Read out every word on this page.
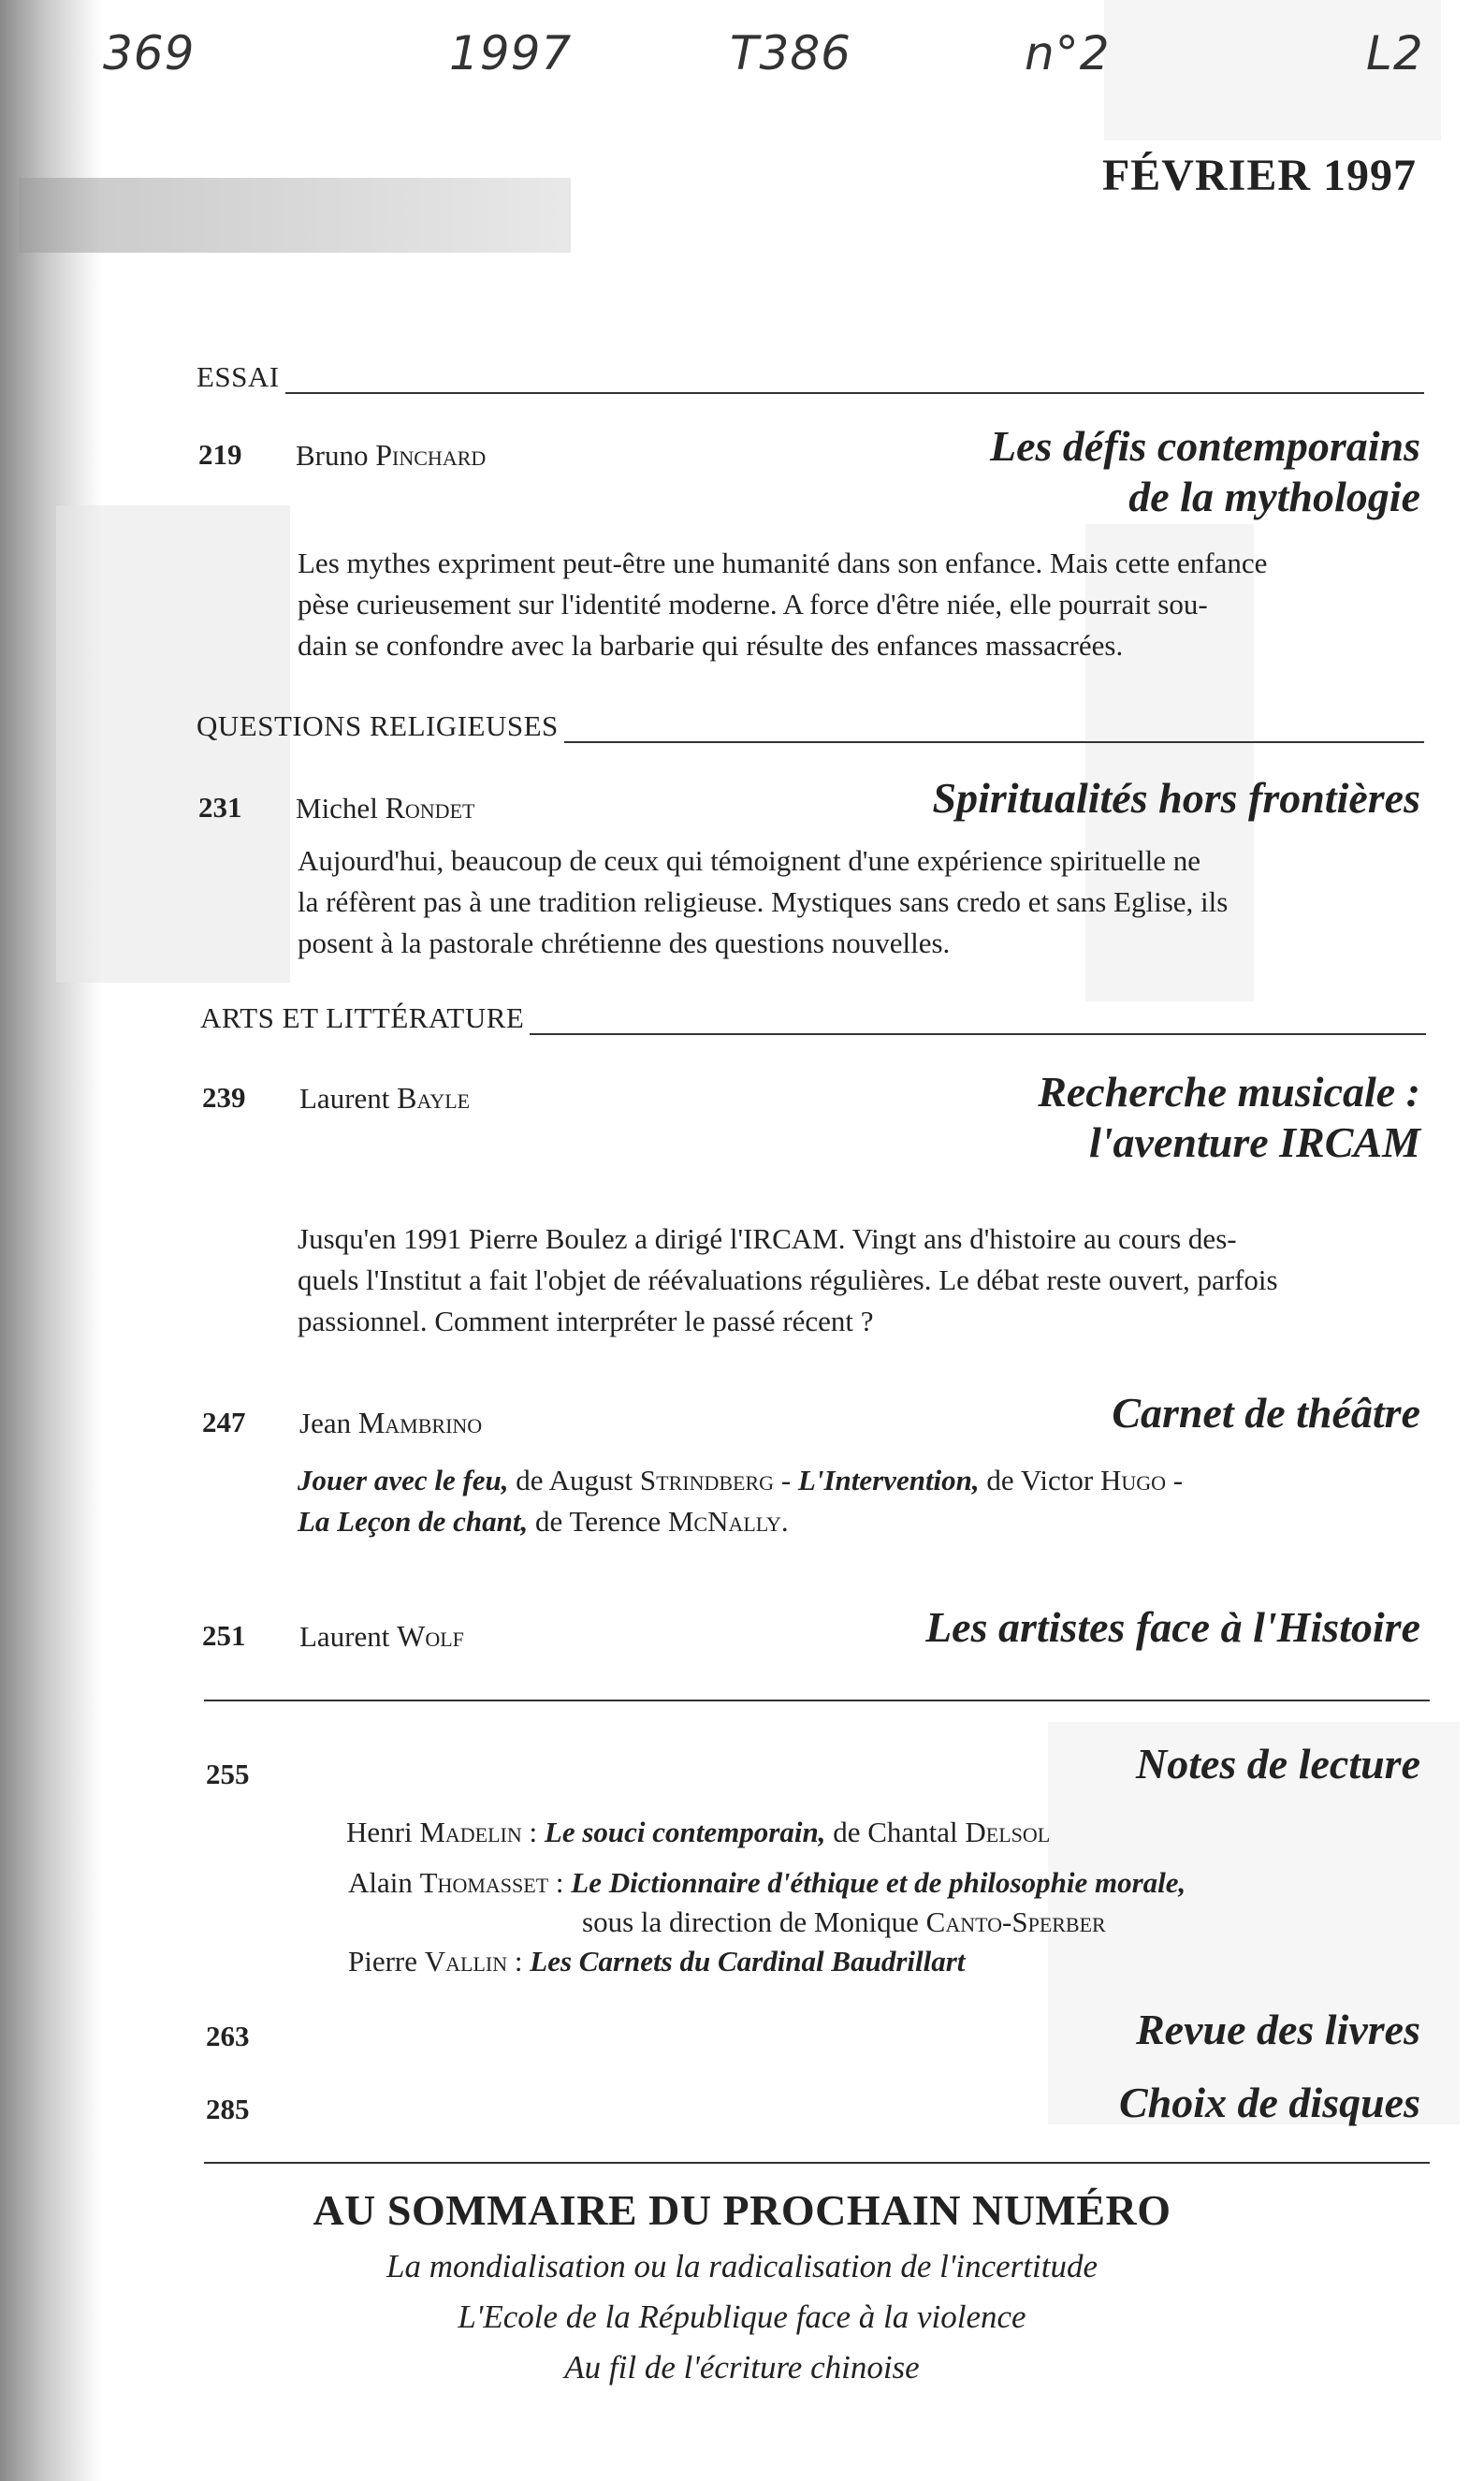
369	1997	T386	n°2	L2
FÉVRIER 1997
ESSAI
219 Bruno Pinchard	Les défis contemporains
de la mythologie
Les mythes expriment peut-être une humanité dans son enfance. Mais cette enfance
pèse curieusement sur l'identité moderne. A force d'être niée, elle pourrait sou-
dain se confondre avec la barbarie qui résulte des enfances massacrées.
QUESTIONS RELIGIEUSES
231 Michel Rondet	Spiritualités hors frontières
Aujourd'hui, beaucoup de ceux qui témoignent d'une expérience spirituelle ne
la réfèrent pas à une tradition religieuse. Mystiques sans credo et sans Eglise, ils
posent à la pastorale chrétienne des questions nouvelles.
ARTS ET LITTÉRATURE
239 Laurent Bayle	Recherche musicale :
l'aventure IRCAM
Jusqu'en 1991 Pierre Boulez a dirigé l'IRCAM. Vingt ans d'histoire au cours des-
quels l'Institut a fait l'objet de réévaluations régulières. Le débat reste ouvert, parfois
passionnel. Comment interpréter le passé récent ?
247 Jean Mambrino	Carnet de théâtre
Jouer avec le feu, de August Strindberg - L'Intervention, de Victor Hugo -
La Leçon de chant, de Terence McNally.
251 Laurent Wolf	Les artistes face à l'Histoire
255	Notes de lecture
Henri Madelin : Le souci contemporain, de Chantal Delsol
Alain Thomasset : Le Dictionnaire d'éthique et de philosophie morale,
sous la direction de Monique Canto-Sperber
Pierre Vallin : Les Carnets du Cardinal Baudrillart
263	Revue des livres
285	Choix de disques
AU SOMMAIRE DU PROCHAIN NUMÉRO
La mondialisation ou la radicalisation de l'incertitude
L'Ecole de la République face à la violence
Au fil de l'écriture chinoise
